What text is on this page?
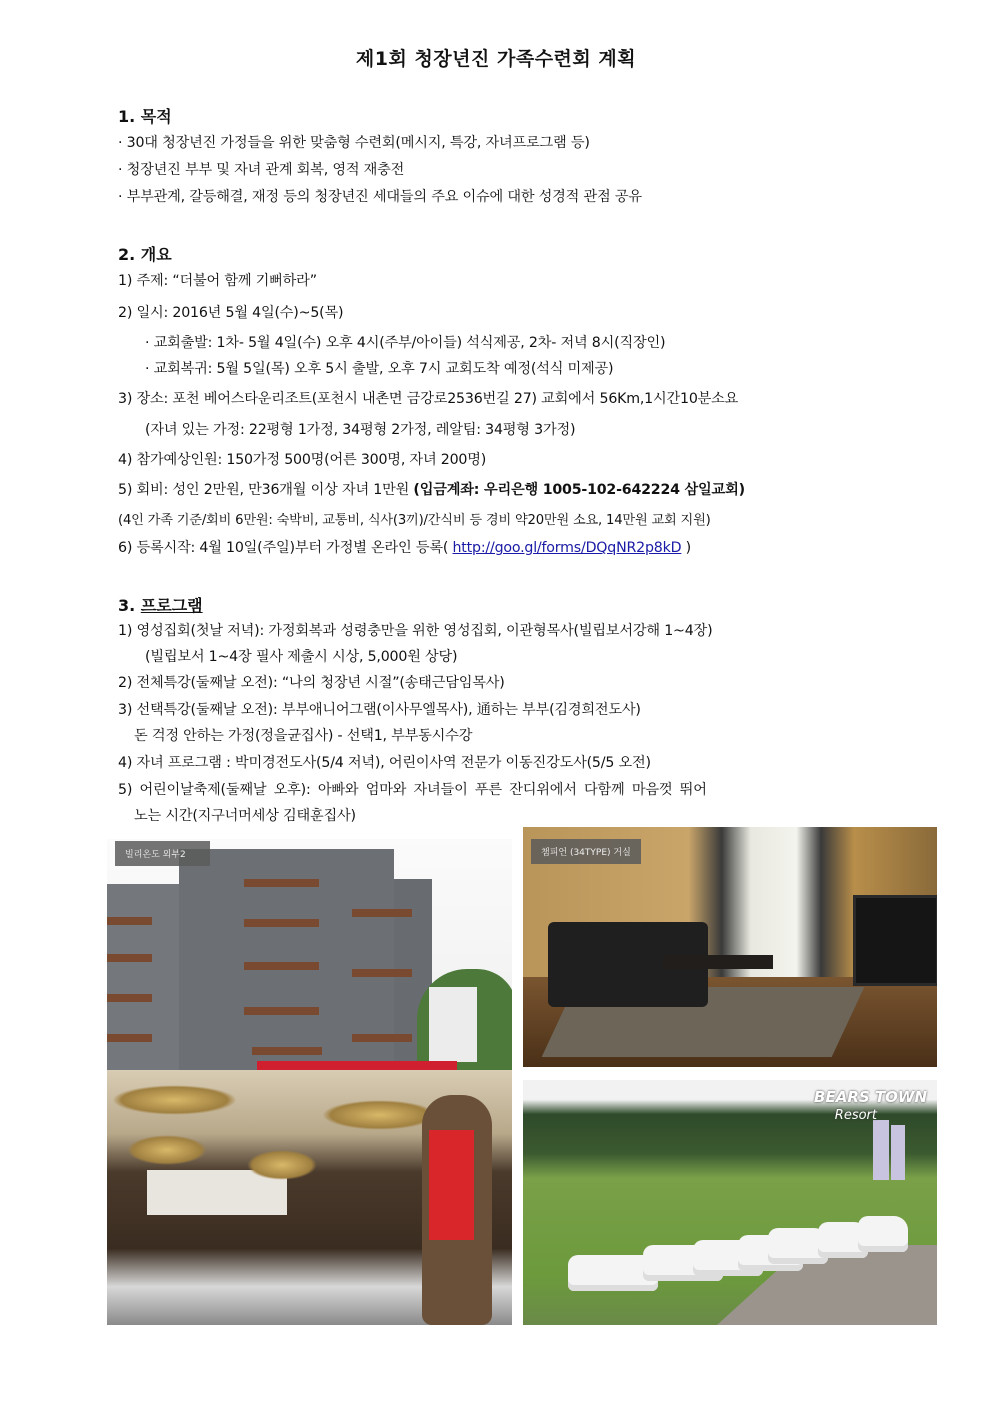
제1회 청장년진 가족수련회 계획
1. 목적
· 30대 청장년진 가정들을 위한 맞춤형 수련회(메시지, 특강, 자녀프로그램 등)
· 청장년진 부부 및 자녀 관계 회복, 영적 재충전
· 부부관계, 갈등해결, 재정 등의 청장년진 세대들의 주요 이슈에 대한 성경적 관점 공유
2. 개요
1) 주제: “더불어 함께 기뻐하라”
2) 일시: 2016년 5월 4일(수)~5(목)
· 교회출발: 1차- 5월 4일(수) 오후 4시(주부/아이들) 석식제공, 2차- 저녁 8시(직장인)
· 교회복귀: 5월 5일(목) 오후 5시 출발, 오후 7시 교회도착 예정(석식 미제공)
3) 장소: 포천 베어스타운리조트(포천시 내촌면 금강로2536번길 27) 교회에서 56Km,1시간10분소요
(자녀 있는 가정: 22평형 1가정, 34평형 2가정, 레알팀: 34평형 3가정)
4) 참가예상인원: 150가정 500명(어른 300명, 자녀 200명)
5) 회비: 성인 2만원, 만36개월 이상 자녀 1만원 (입금계좌: 우리은행 1005-102-642224 삼일교회)
(4인 가족 기준/회비 6만원: 숙박비, 교통비, 식사(3끼)/간식비 등 경비 약20만원 소요, 14만원 교회 지원)
6) 등록시작: 4월 10일(주일)부터 가정별 온라인 등록( http://goo.gl/forms/DQqNR2p8kD )
3. 프로그램
1) 영성집회(첫날 저녁): 가정회복과 성령충만을 위한 영성집회, 이관형목사(빌립보서강해 1~4장)
(빌립보서 1~4장 필사 제출시 시상, 5,000원 상당)
2) 전체특강(둘째날 오전): “나의 청장년 시절”(송태근담임목사)
3) 선택특강(둘째날 오전): 부부애니어그램(이사무엘목사), 通하는 부부(김경희전도사)
돈 걱정 안하는 가정(정을균집사) - 선택1, 부부동시수강
4) 자녀 프로그램 : 박미경전도사(5/4 저녁), 어린이사역 전문가 이동진강도사(5/5 오전)
5) 어린이날축제(둘째날 오후): 아빠와 엄마와 자녀들이 푸른 잔디위에서 다함께 마음껏 뛰어
노는 시간(지구너머세상 김태훈집사)
빌리온도 외부2	챔피언 (34TYPE) 거실
BEARS TOWN
Resort
